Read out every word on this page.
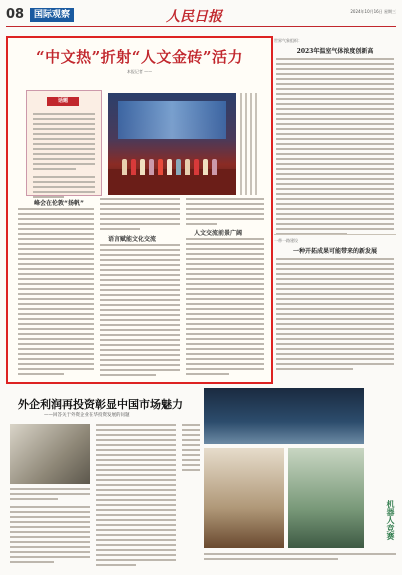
08	国际观察	人民日报	2024年10月16日 星期三
“中文热”折射“人文金砖”活力
本报记者 ——
话题
峰会在伦敦“扬帆”
语言赋能文化交流
人文交流前景广阔
世界气象组织：
2023年温室气体浓度创新高
一带一路建设
一种开拓成果可能带来的新发展
外企利润再投资彰显中国市场魅力
——回答关于外资企业在华投资发展的问题
机器人竞赛
